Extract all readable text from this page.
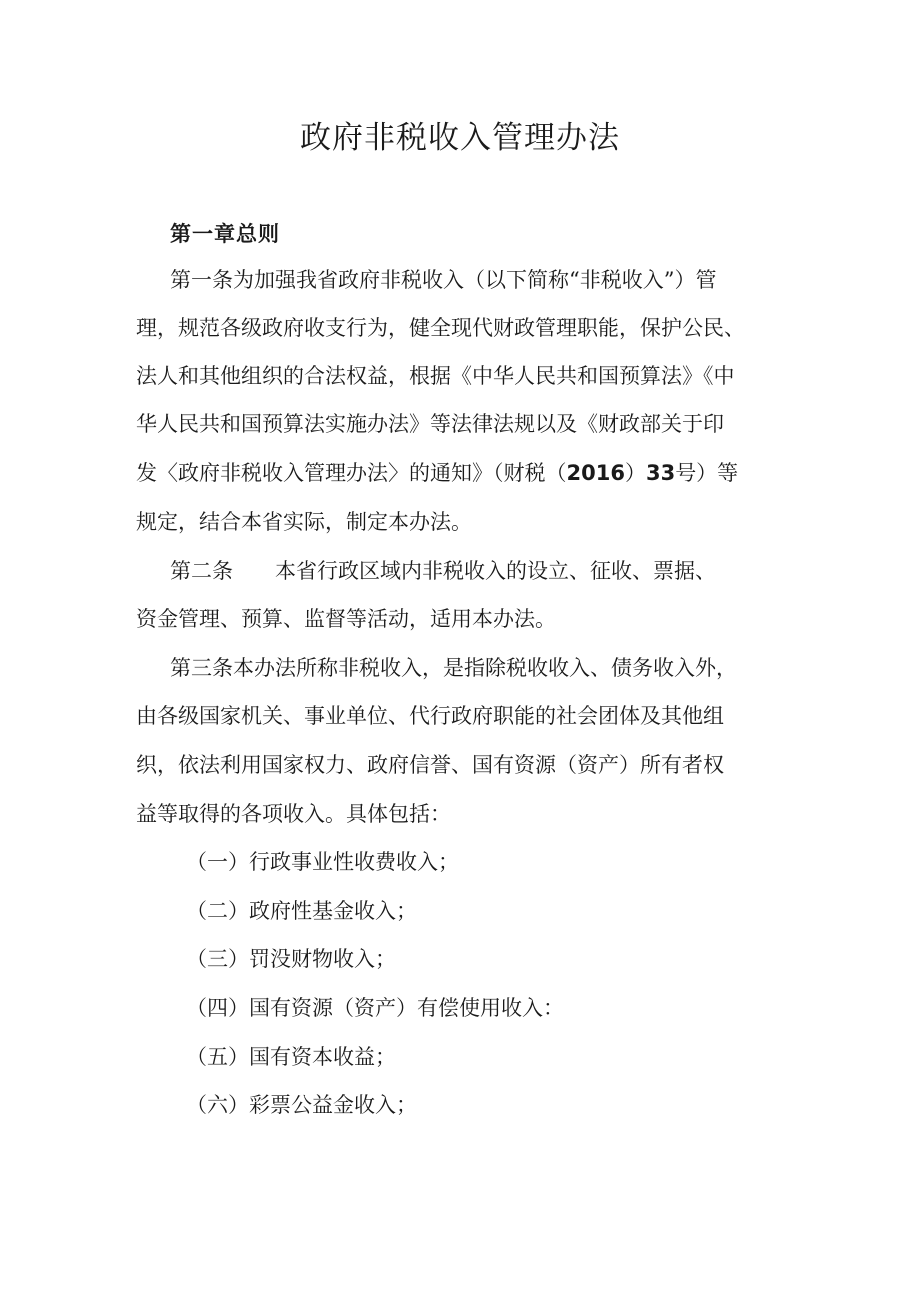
政府非税收入管理办法
第一章总则

第一条为加强我省政府非税收入（以下简称“非税收入”）管

理，规范各级政府收支行为，健全现代财政管理职能，保护公民、

法人和其他组织的合法权益，根据《中华人民共和国预算法》《中

华人民共和国预算法实施办法》等法律法规以及《财政部关于印

发〈政府非税收入管理办法〉的通知》（财税（2016）33号）等

规定，结合本省实际，制定本办法。

第二条　　本省行政区域内非税收入的设立、征收、票据、

资金管理、预算、监督等活动，适用本办法。

第三条本办法所称非税收入，是指除税收收入、债务收入外，

由各级国家机关、事业单位、代行政府职能的社会团体及其他组

织，依法利用国家权力、政府信誉、国有资源（资产）所有者权

益等取得的各项收入。具体包括：

（一）行政事业性收费收入；

（二）政府性基金收入；

（三）罚没财物收入；

（四）国有资源（资产）有偿使用收入：

（五）国有资本收益；

（六）彩票公益金收入；
